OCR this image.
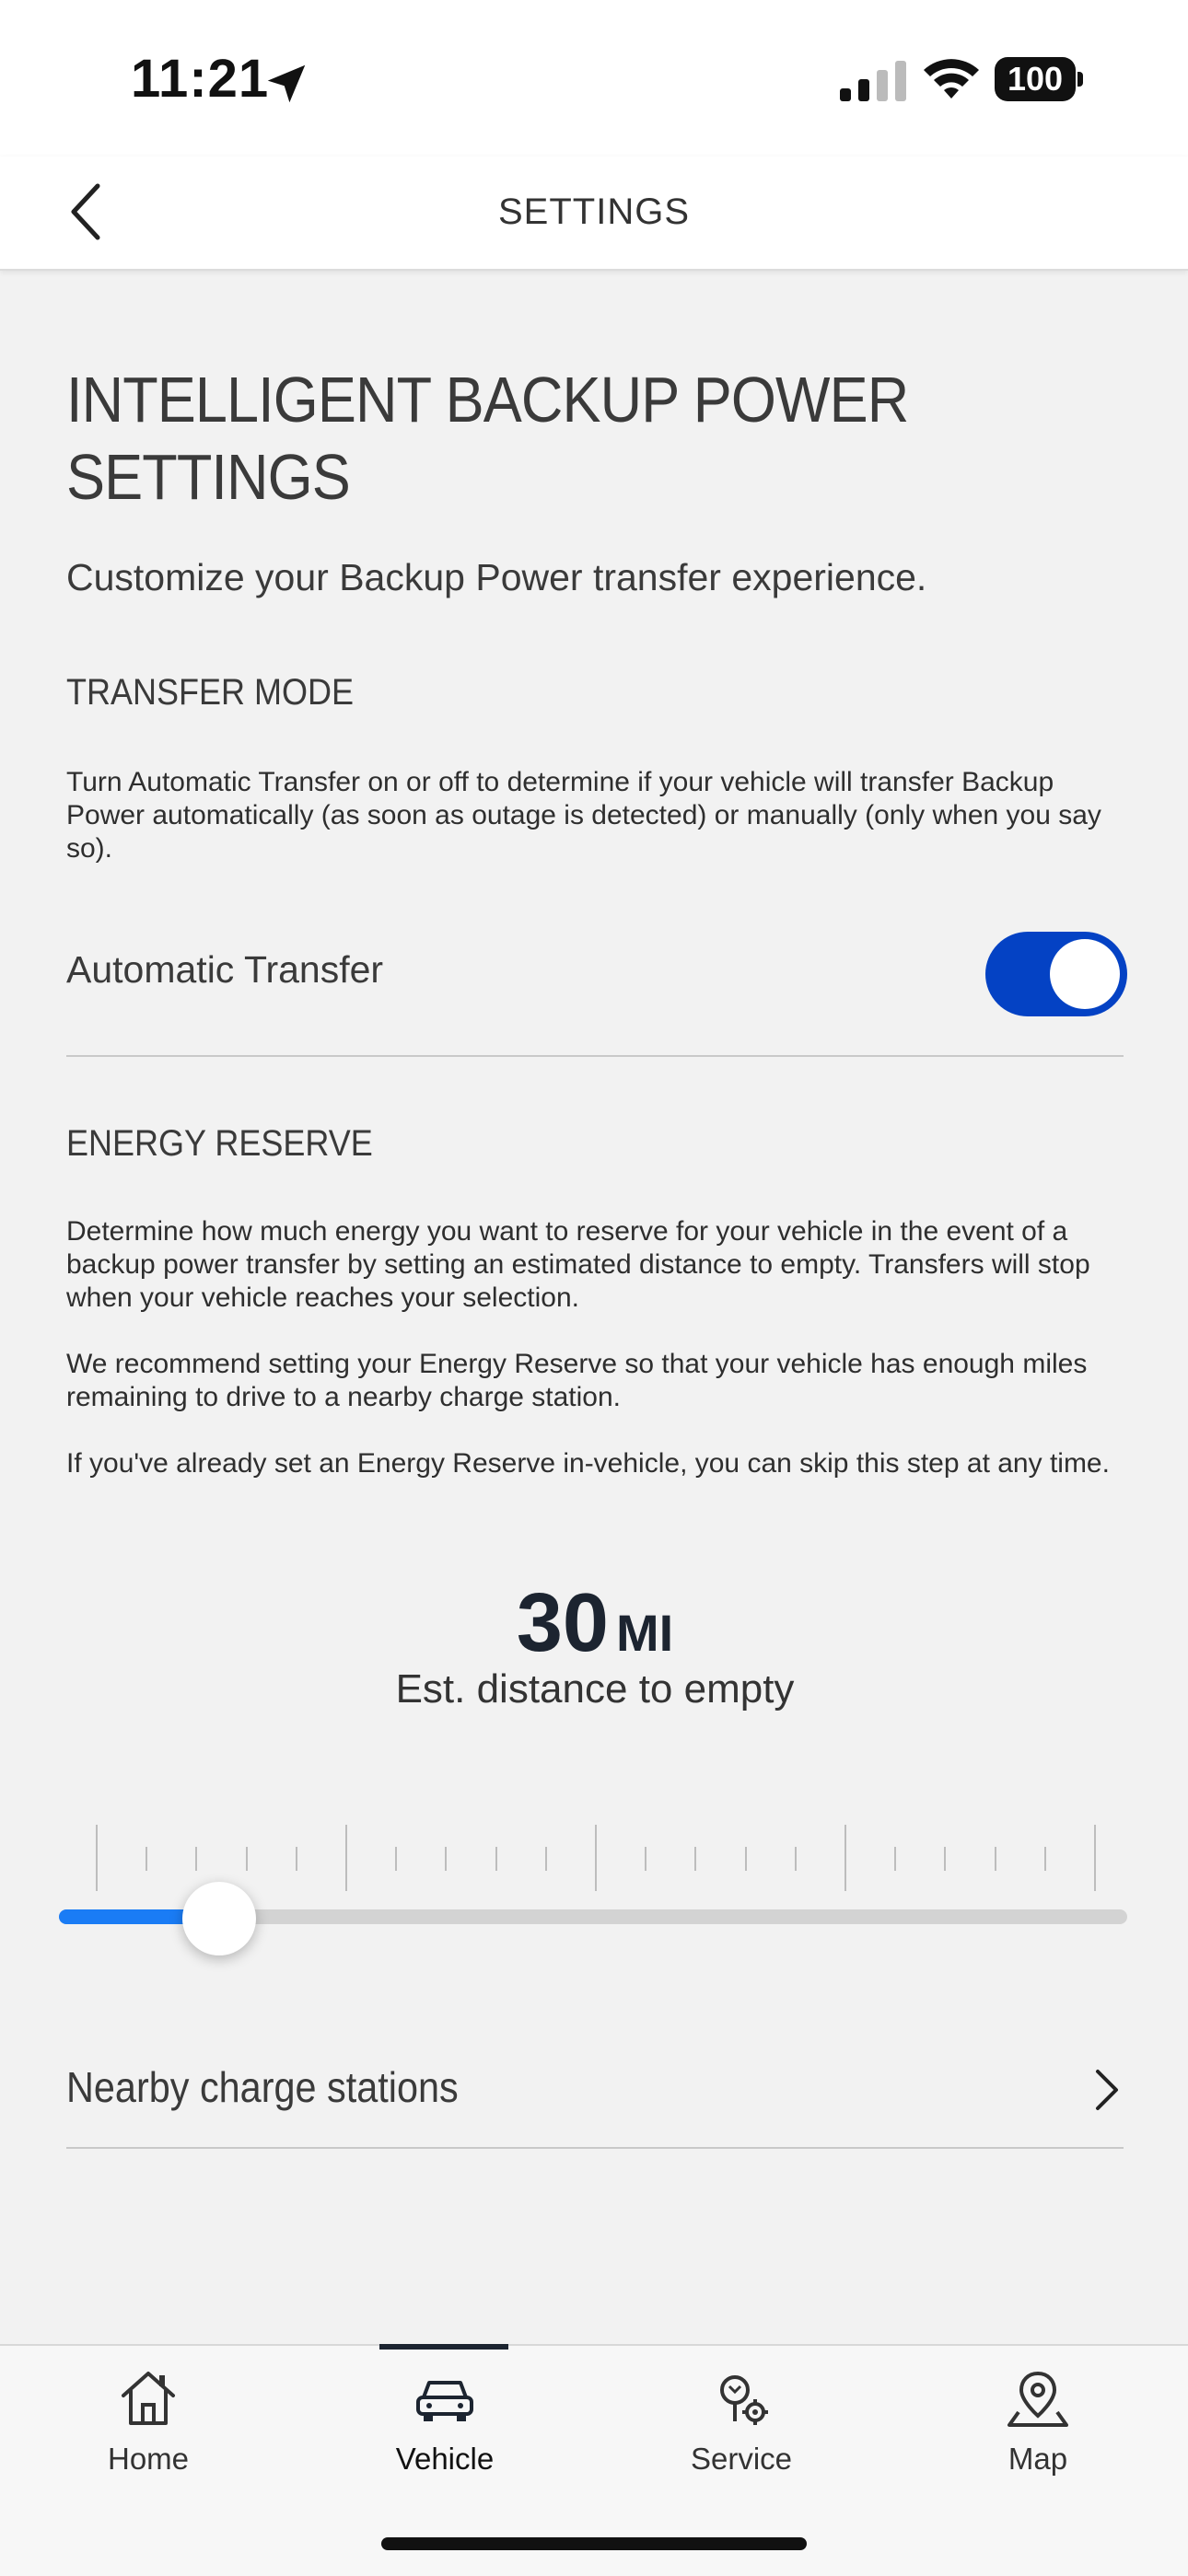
11:21	100
SETTINGS
INTELLIGENT BACKUP POWER SETTINGS
Customize your Backup Power transfer experience.
TRANSFER MODE
Turn Automatic Transfer on or off to determine if your vehicle will transfer Backup Power automatically (as soon as outage is detected) or manually (only when you say so).
Automatic Transfer
ENERGY RESERVE
Determine how much energy you want to reserve for your vehicle in the event of a backup power transfer by setting an estimated distance to empty. Transfers will stop when your vehicle reaches your selection.
We recommend setting your Energy Reserve so that your vehicle has enough miles remaining to drive to a nearby charge station.
If you've already set an Energy Reserve in-vehicle, you can skip this step at any time.
30 MI
Est. distance to empty
Nearby charge stations
Home	Vehicle	Service	Map
